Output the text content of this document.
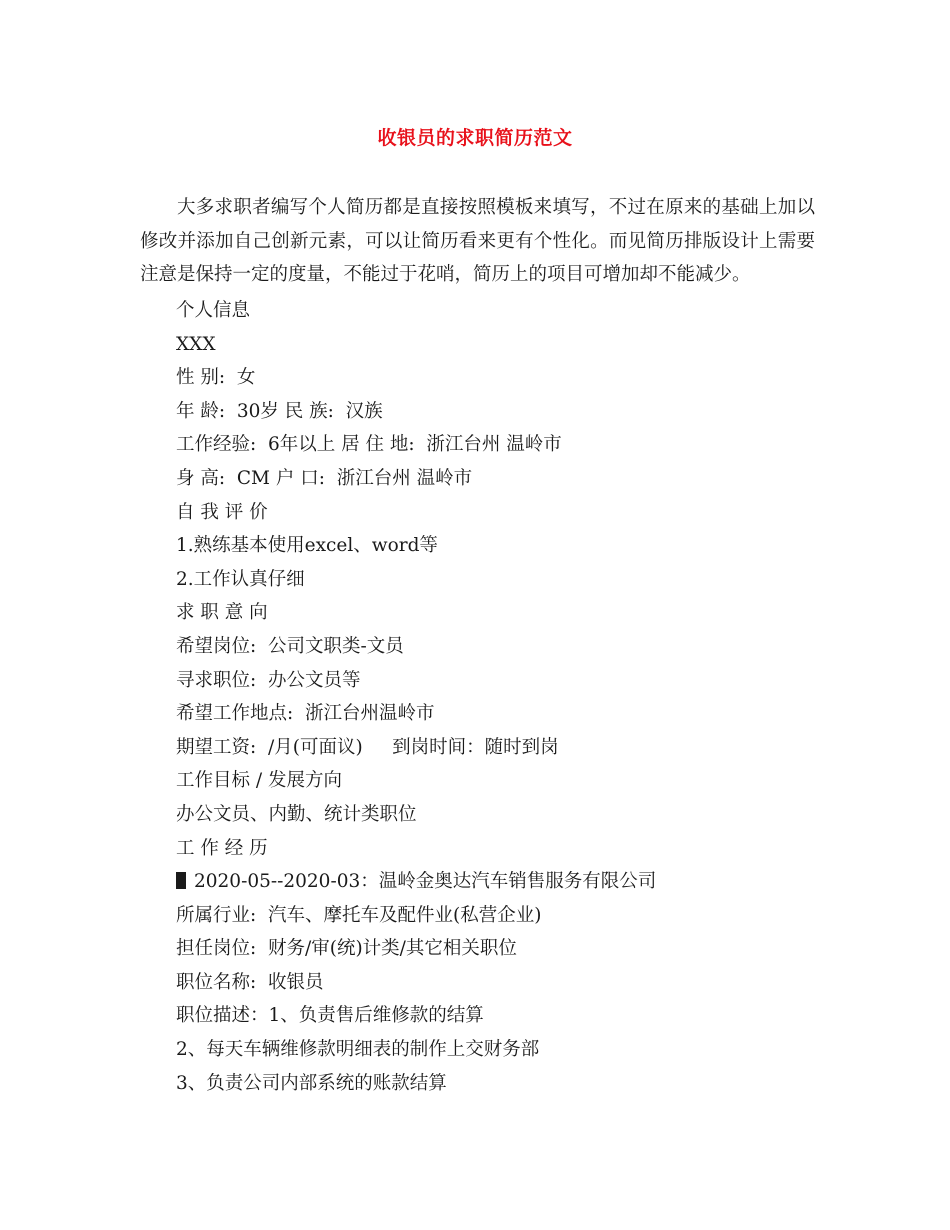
收银员的求职简历范文

大多求职者编写个人简历都是直接按照模板来填写，不过在原来的基础上加以修改并添加自己创新元素，可以让简历看来更有个性化。而见简历排版设计上需要注意是保持一定的度量，不能过于花哨，简历上的项目可增加却不能减少。

个人信息
XXX
性 别:  女
年 龄:  30岁 民 族:  汉族
工作经验:  6年以上 居 住 地:  浙江台州 温岭市
身 高:  CM 户 口:  浙江台州 温岭市
自 我 评 价
1.熟练基本使用excel、word等
2.工作认真仔细
求 职 意 向
希望岗位:  公司文职类-文员
寻求职位:  办公文员等
希望工作地点:  浙江台州温岭市
期望工资:  /月(可面议)     到岗时间：随时到岗
工作目标 / 发展方向
办公文员、内勤、统计类职位
工 作 经 历
2020-05--2020-03：温岭金奥达汽车销售服务有限公司
所属行业:  汽车、摩托车及配件业(私营企业)
担任岗位:  财务/审(统)计类/其它相关职位
职位名称:  收银员
职位描述：1、负责售后维修款的结算
2、每天车辆维修款明细表的制作上交财务部
3、负责公司内部系统的账款结算
